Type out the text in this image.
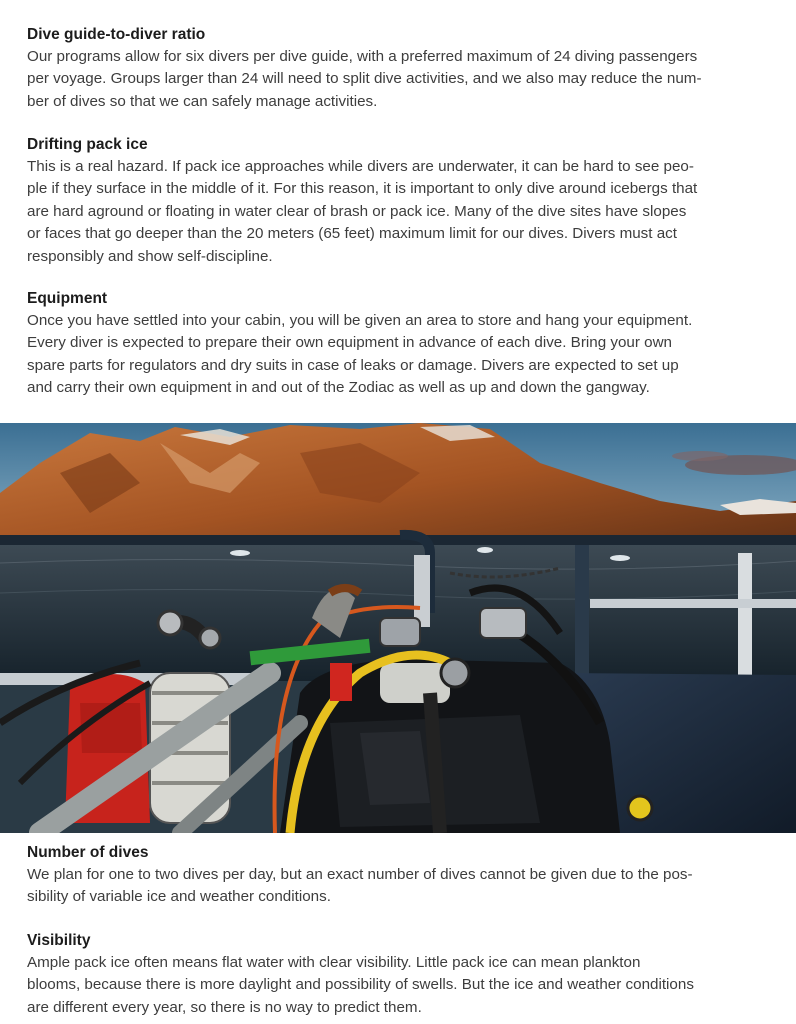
Dive guide-to-diver ratio

Our programs allow for six divers per dive guide, with a preferred maximum of 24 diving passengers

per voyage. Groups larger than 24 will need to split dive activities, and we also may reduce the num-

ber of dives so that we can safely manage activities.

Drifting pack ice

This is a real hazard. If pack ice approaches while divers are underwater, it can be hard to see peo-

ple if they surface in the middle of it. For this reason, it is important to only dive around icebergs that

are hard aground or floating in water clear of brash or pack ice. Many of the dive sites have slopes

or faces that go deeper than the 20 meters (65 feet) maximum limit for our dives. Divers must act

responsibly and show self-discipline.

Equipment

Once you have settled into your cabin, you will be given an area to store and hang your equipment.

Every diver is expected to prepare their own equipment in advance of each dive. Bring your own

spare parts for regulators and dry suits in case of leaks or damage. Divers are expected to set up

and carry their own equipment in and out of the Zodiac as well as up and down the gangway.

Number of dives

We plan for one to two dives per day, but an exact number of dives cannot be given due to the pos-

sibility of variable ice and weather conditions.

Visibility

Ample pack ice often means flat water with clear visibility. Little pack ice can mean plankton

blooms, because there is more daylight and possibility of swells. But the ice and weather conditions

are different every year, so there is no way to predict them.
